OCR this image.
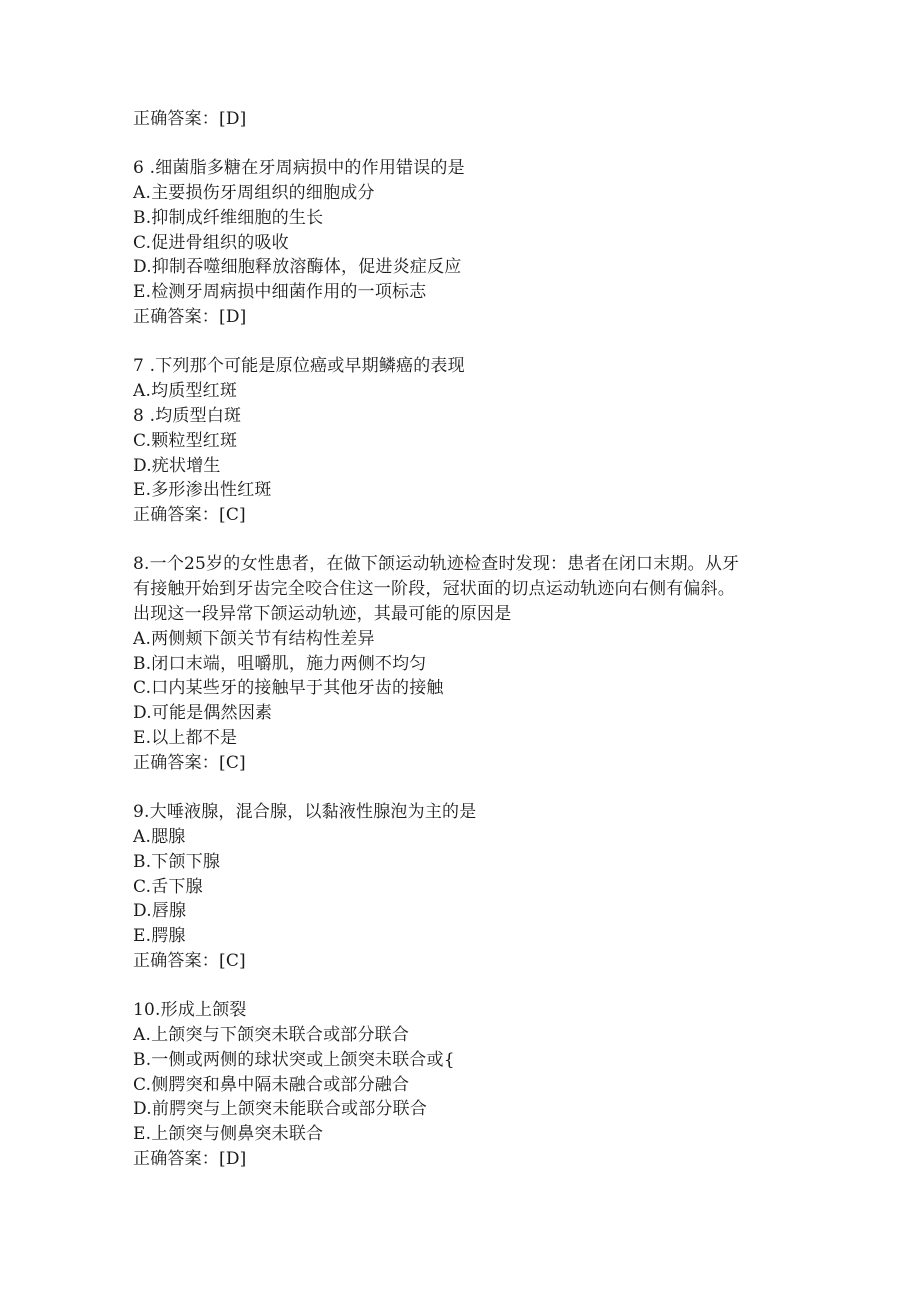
正确答案：[D]
6 .细菌脂多糖在牙周病损中的作用错误的是
A.主要损伤牙周组织的细胞成分
B.抑制成纤维细胞的生长
C.促进骨组织的吸收
D.抑制吞噬细胞释放溶酶体，促进炎症反应
E.检测牙周病损中细菌作用的一项标志
正确答案：[D]
7 .下列那个可能是原位癌或早期鳞癌的表现
A.均质型红斑
8 .均质型白斑
C.颗粒型红斑
D.疣状增生
E.多形渗出性红斑
正确答案：[C]
8.一个25岁的女性患者，在做下颌运动轨迹检查时发现：患者在闭口末期。从牙
有接触开始到牙齿完全咬合住这一阶段，冠状面的切点运动轨迹向右侧有偏斜。
出现这一段异常下颌运动轨迹，其最可能的原因是
A.两侧颊下颌关节有结构性差异
B.闭口末端，咀嚼肌，施力两侧不均匀
C.口内某些牙的接触早于其他牙齿的接触
D.可能是偶然因素
E.以上都不是
正确答案：[C]
9.大唾液腺，混合腺，以黏液性腺泡为主的是
A.腮腺
B.下颌下腺
C.舌下腺
D.唇腺
E.腭腺
正确答案：[C]
10.形成上颌裂
A.上颌突与下颌突未联合或部分联合
B.一侧或两侧的球状突或上颌突未联合或{
C.侧腭突和鼻中隔未融合或部分融合
D.前腭突与上颌突未能联合或部分联合
E.上颌突与侧鼻突未联合
正确答案：[D]
